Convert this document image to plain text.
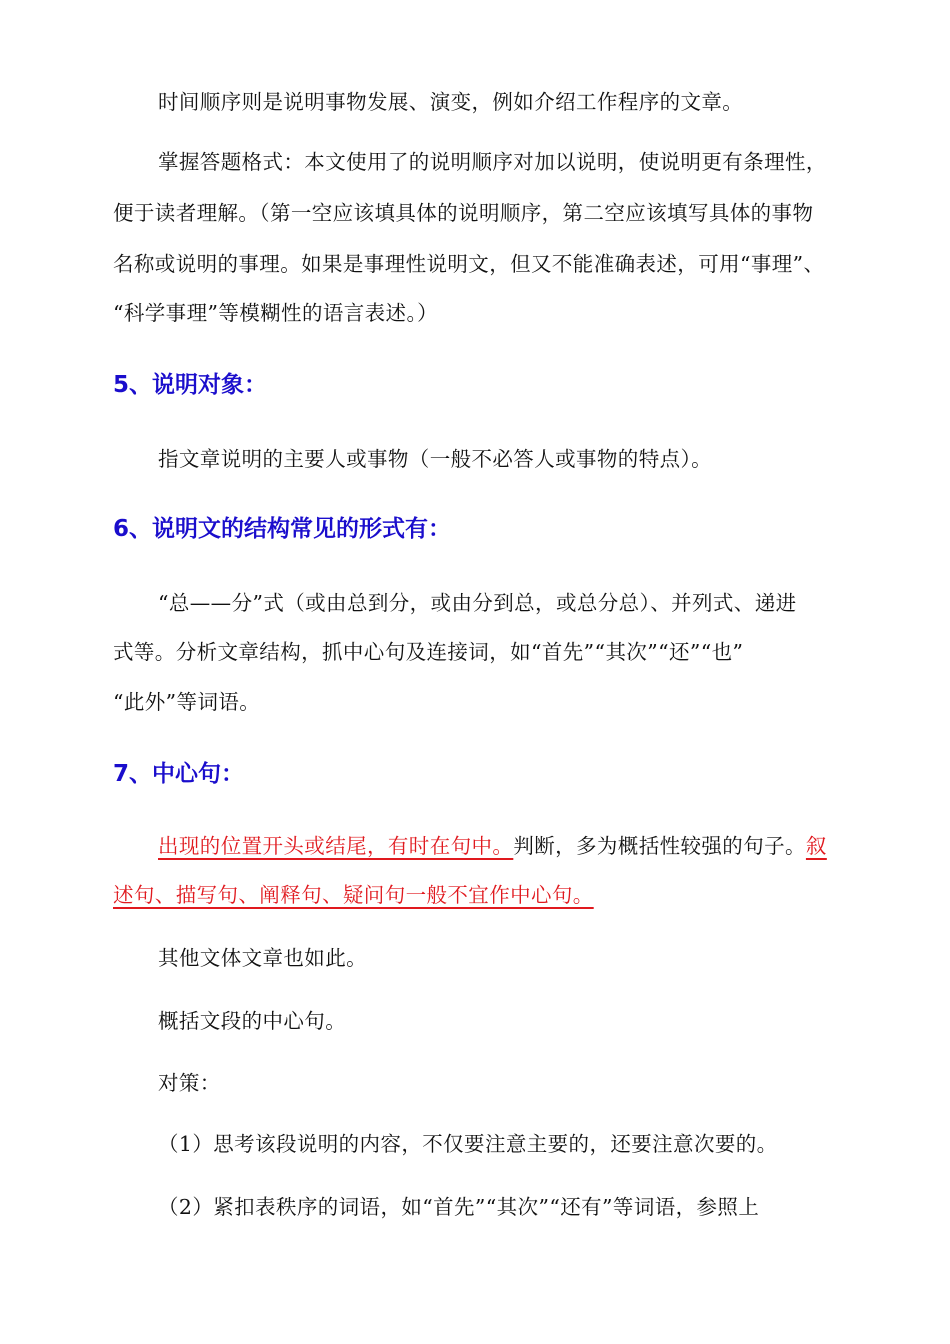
时间顺序则是说明事物发展、演变，例如介绍工作程序的文章。
掌握答题格式：本文使用了的说明顺序对加以说明，使说明更有条理性，
便于读者理解。（第一空应该填具体的说明顺序，第二空应该填写具体的事物
名称或说明的事理。如果是事理性说明文，但又不能准确表述，可用“事理”、
“科学事理”等模糊性的语言表述。）
5、说明对象：
指文章说明的主要人或事物（一般不必答人或事物的特点）。
6、说明文的结构常见的形式有：
“总——分”式（或由总到分，或由分到总，或总分总）、并列式、递进
式等。分析文章结构，抓中心句及连接词，如“首先”“其次”“还”“也”
“此外”等词语。
7、中心句：
出现的位置开头或结尾，有时在句中。判断，多为概括性较强的句子。叙
述句、描写句、阐释句、疑问句一般不宜作中心句。
其他文体文章也如此。
概括文段的中心句。
对策：
（1）思考该段说明的内容，不仅要注意主要的，还要注意次要的。
（2）紧扣表秩序的词语，如“首先”“其次”“还有”等词语，参照上
